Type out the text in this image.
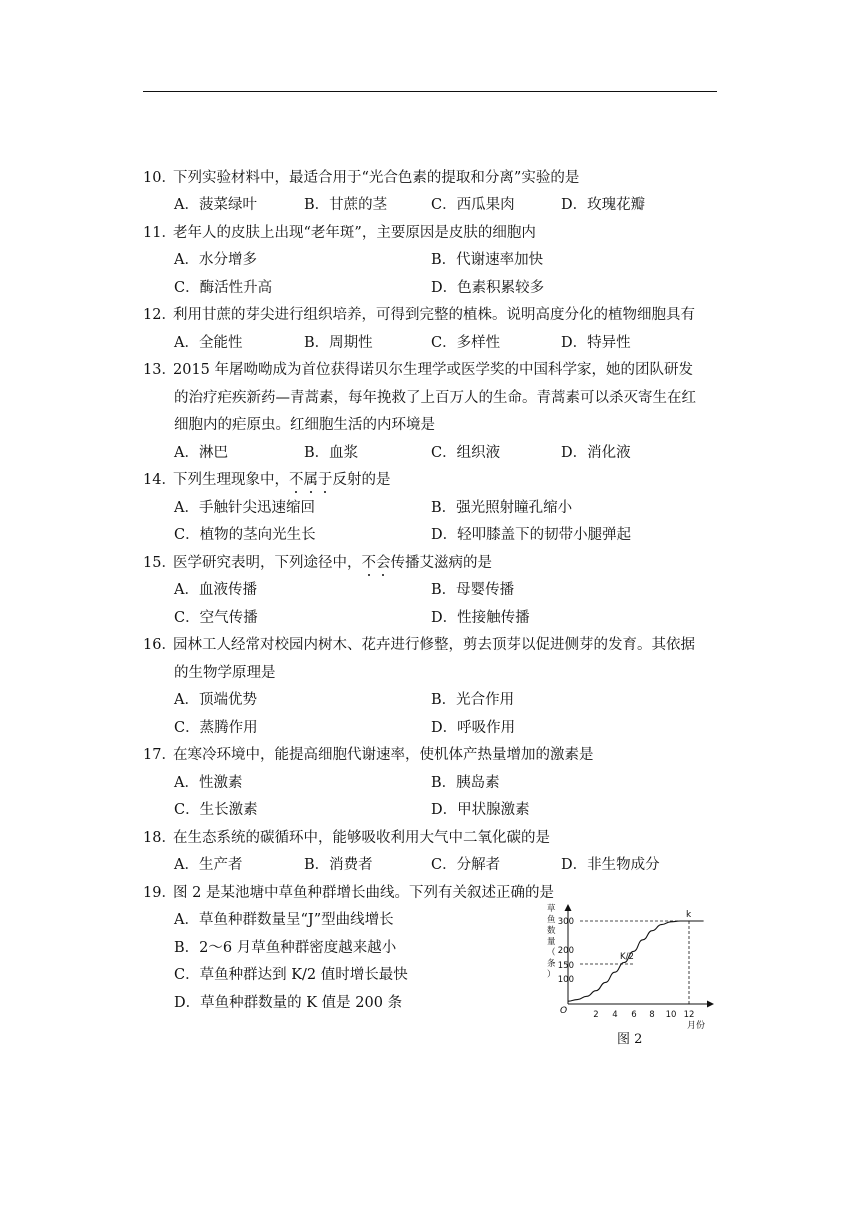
10．下列实验材料中，最适合用于“光合色素的提取和分离”实验的是
A．菠菜绿叶	B．甘蔗的茎	C．西瓜果肉	D．玫瑰花瓣
11．老年人的皮肤上出现“老年斑”，主要原因是皮肤的细胞内
A．水分增多	B．代谢速率加快
C．酶活性升高	D．色素积累较多
12．利用甘蔗的芽尖进行组织培养，可得到完整的植株。说明高度分化的植物细胞具有
A．全能性	B．周期性	C．多样性	D．特异性
13．2015 年屠呦呦成为首位获得诺贝尔生理学或医学奖的中国科学家，她的团队研发
的治疗疟疾新药—青蒿素，每年挽救了上百万人的生命。青蒿素可以杀灭寄生在红
细胞内的疟原虫。红细胞生活的内环境是
A．淋巴	B．血浆	C．组织液	D．消化液
14．下列生理现象中，不属于反射的是
A．手触针尖迅速缩回	B．强光照射瞳孔缩小
C．植物的茎向光生长	D．轻叩膝盖下的韧带小腿弹起
15．医学研究表明，下列途径中，不会传播艾滋病的是
A．血液传播	B．母婴传播
C．空气传播	D．性接触传播
16．园林工人经常对校园内树木、花卉进行修整，剪去顶芽以促进侧芽的发育。其依据
的生物学原理是
A．顶端优势	B．光合作用
C．蒸腾作用	D．呼吸作用
17．在寒冷环境中，能提高细胞代谢速率，使机体产热量增加的激素是
A．性激素	B．胰岛素
C．生长激素	D．甲状腺激素
18．在生态系统的碳循环中，能够吸收利用大气中二氧化碳的是
A．生产者	B．消费者	C．分解者	D．非生物成分
19．图 2 是某池塘中草鱼种群增长曲线。下列有关叙述正确的是
A．草鱼种群数量呈“J”型曲线增长
B．2～6 月草鱼种群密度越来越小
C．草鱼种群达到 K/2 值时增长最快
D．草鱼种群数量的 K 值是 200 条
草
鱼
数
量
（
条
）
300
200
150
100
O	2 4 6 8 10 12
月份
k
K/2
图 2
